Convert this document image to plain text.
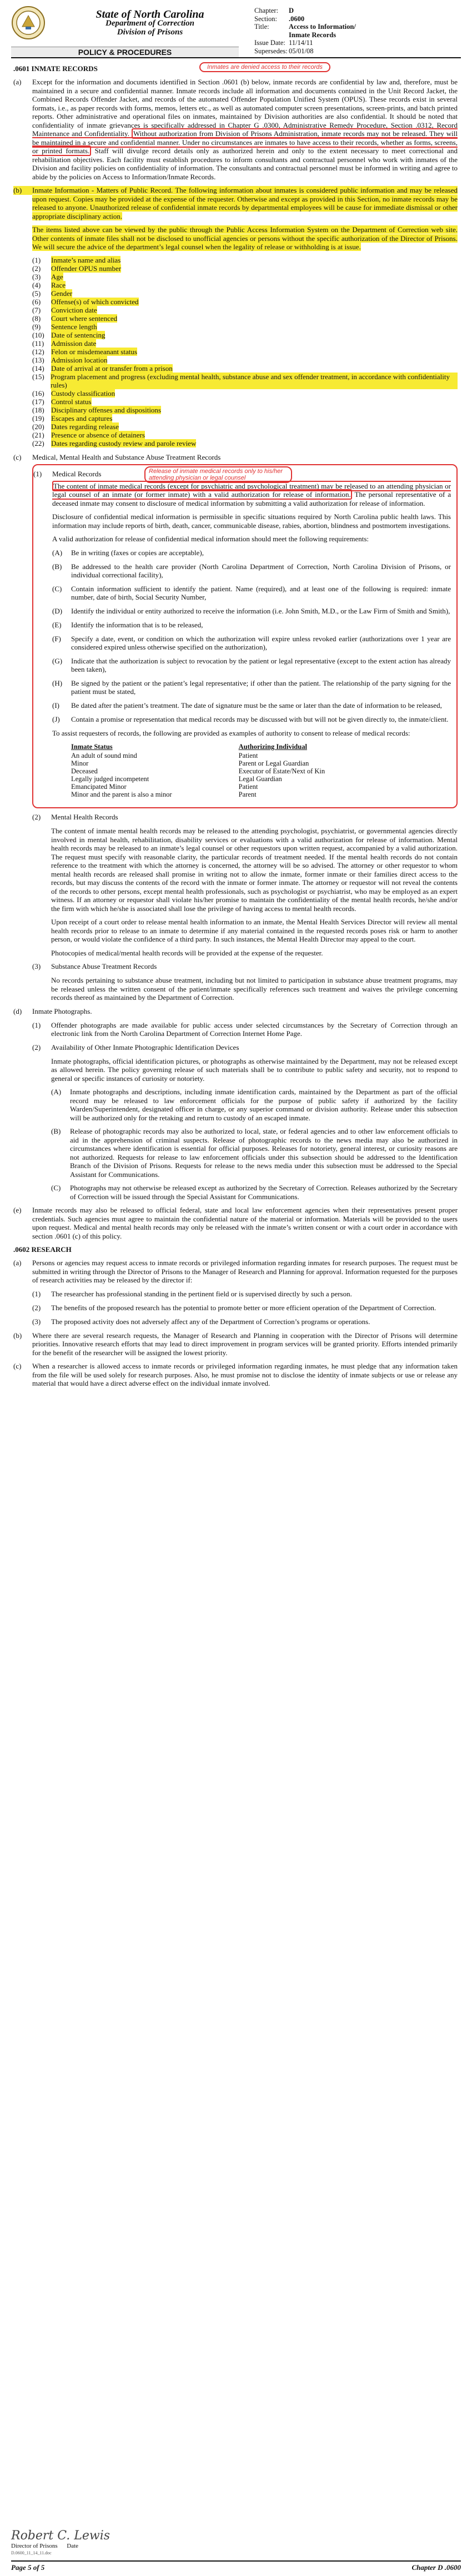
State of North Carolina
Department of Correction
Division of Prisons
POLICY & PROCEDURES
Chapter:	D
Section:	.0600
Title:	Access to Information/
Inmate Records
Issue Date: 11/14/11
Supersedes: 05/01/08
.0601 INMATE RECORDS	Inmates are denied access to their records
(a)	Except for the information and documents identified in Section .0601 (b) below, inmate records are confidential by law and, therefore, must be maintained in a secure and confidential manner. Inmate records include all information and documents contained in the Unit Record Jacket, the Combined Records Offender Jacket, and records of the automated Offender Population Unified System (OPUS). These records exist in several formats, i.e., as paper records with forms, memos, letters etc., as well as automated computer screen presentations, screen-prints, and batch printed reports. Other administrative and operational files on inmates, maintained by Division authorities are also confidential. It should be noted that confidentiality of inmate grievances is specifically addressed in Chapter G .0300, Administrative Remedy Procedure, Section .0312, Record Maintenance and Confidentiality. Without authorization from Division of Prisons Administration, inmate records may not be released. They will be maintained in a secure and confidential manner. Under no circumstances are inmates to have access to their records, whether as forms, screens, or printed formats. Staff will divulge record details only as authorized herein and only to the extent necessary to meet correctional and rehabilitation objectives. Each facility must establish procedures to inform consultants and contractual personnel who work with inmates of the Division and facility policies on confidentiality of information. The consultants and contractual personnel must be informed in writing and agree to abide by the policies on Access to Information/Inmate Records.
(b)	Inmate Information - Matters of Public Record. The following information about inmates is considered public information and may be released upon request. Copies may be provided at the expense of the requester. Otherwise and except as provided in this Section, no inmate records may be released to anyone. Unauthorized release of confidential inmate records by departmental employees will be cause for immediate dismissal or other appropriate disciplinary action.

The items listed above can be viewed by the public through the Public Access Information System on the Department of Correction web site. Other contents of inmate files shall not be disclosed to unofficial agencies or persons without the specific authorization of the Director of Prisons. We will secure the advice of the department’s legal counsel when the legality of release or withholding is at issue.

(1)	Inmate’s name and alias
(2)	Offender OPUS number
(3)	Age
(4)	Race
(5)	Gender
(6)	Offense(s) of which convicted
(7)	Conviction date
(8)	Court where sentenced
(9)	Sentence length
(10) Date of sentencing
(11) Admission date
(12) Felon or misdemeanant status
(13) Admission location
(14) Date of arrival at or transfer from a prison
(15) Program placement and progress (excluding mental health, substance abuse and sex offender treatment, in accordance with confidentiality rules)
(16) Custody classification
(17) Control status
(18) Disciplinary offenses and dispositions
(19) Escapes and captures
(20) Dates regarding release
(21) Presence or absence of detainers
(22) Dates regarding custody review and parole review
(c)	Medical, Mental Health and Substance Abuse Treatment Records
(1)	Medical Records	Release of inmate medical records only to his/her attending physician or legal counsel

The content of inmate medical records (except for psychiatric and psychological treatment) may be released to an attending physician or legal counsel of an inmate (or former inmate) with a valid authorization for release of information. The personal representative of a deceased inmate may consent to disclosure of medical information by submitting a valid authorization for release of information.

Disclosure of confidential medical information is permissible in specific situations required by North Carolina public health laws. This information may include reports of birth, death, cancer, communicable disease, rabies, abortion, blindness and postmortem investigations.

A valid authorization for release of confidential medical information should meet the following requirements:

(A)	Be in writing (faxes or copies are acceptable),
(B)	Be addressed to the health care provider (North Carolina Department of Correction, North Carolina Division of Prisons, or individual correctional facility),
(C)	Contain information sufficient to identify the patient. Name (required), and at least one of the following is required: inmate number, date of birth, Social Security Number,
(D)	Identify the individual or entity authorized to receive the information (i.e. John Smith, M.D., or the Law Firm of Smith and Smith),
(E)	Identify the information that is to be released,
(F)	Specify a date, event, or condition on which the authorization will expire unless revoked earlier (authorizations over 1 year are considered expired unless otherwise specified on the authorization),
(G)	Indicate that the authorization is subject to revocation by the patient or legal representative (except to the extent action has already been taken),
(H)	Be signed by the patient or the patient’s legal representative; if other than the patient. The relationship of the party signing for the patient must be stated,
(I)	Be dated after the patient’s treatment. The date of signature must be the same or later than the date of information to be released,
(J)	Contain a promise or representation that medical records may be discussed with but will not be given directly to, the inmate/client.

To assist requesters of records, the following are provided as examples of authority to consent to release of medical records:

Inmate Status	Authorizing Individual
An adult of sound mind	Patient
Minor	Parent or Legal Guardian
Deceased	Executor of Estate/Next of Kin
Legally judged incompetent	Legal Guardian
Emancipated Minor	Patient
Minor and the parent is also a minor	Parent
(2)	Mental Health Records

The content of inmate mental health records may be released to the attending psychologist, psychiatrist, or governmental agencies directly involved in mental health, rehabilitation, disability services or evaluations with a valid authorization for release of information. Mental health records may be released to an inmate’s legal counsel or other requestors upon written request, accompanied by a valid authorization. The request must specify with reasonable clarity, the particular records of treatment needed. If the mental health records do not contain reference to the treatment with which the attorney is concerned, the attorney will be so advised. The attorney or other requestor to whom mental health records are released shall promise in writing not to allow the inmate, former inmate or their families direct access to the records, but may discuss the contents of the record with the inmate or former inmate. The attorney or requestor will not reveal the contents of the records to other persons, except mental health professionals, such as psychologist or psychiatrist, who may be employed as an expert witness. If an attorney or requestor shall violate his/her promise to maintain the confidentiality of the mental health records, he/she and/or the firm with which he/she is associated shall lose the privilege of having access to mental health records.

Upon receipt of a court order to release mental health information to an inmate, the Mental Health Services Director will review all mental health records prior to release to an inmate to determine if any material contained in the requested records poses risk or harm to another person, or would violate the confidence of a third party. In such instances, the Mental Health Director may appeal to the court.

Photocopies of medical/mental health records will be provided at the expense of the requester.

(3)	Substance Abuse Treatment Records

No records pertaining to substance abuse treatment, including but not limited to participation in substance abuse treatment programs, may be released unless the written consent of the patient/inmate specifically references such treatment and waives the privilege concerning records thereof as maintained by the Department of Correction.

(d)	Inmate Photographs.
(1)	Offender photographs are made available for public access under selected circumstances by the Secretary of Correction through an electronic link from the North Carolina Department of Correction Internet Home Page.
(2)	Availability of Other Inmate Photographic Identification Devices

Inmate photographs, official identification pictures, or photographs as otherwise maintained by the Department, may not be released except as allowed herein. The policy governing release of such materials shall be to contribute to public safety and security, not to respond to general or specific instances of curiosity or notoriety.

(A)	Inmate photographs and descriptions, including inmate identification cards, maintained by the Department as part of the official record may be released to law enforcement officials for the purpose of public safety if authorized by the facility Warden/Superintendent, designated officer in charge, or any superior command or division authority. Release under this subsection will be authorized only for the retaking and return to custody of an escaped inmate.
(B)	Release of photographic records may also be authorized to local, state, or federal agencies and to other law enforcement officials to aid in the apprehension of criminal suspects. Release of photographic records to the news media may also be authorized in circumstances where identification is essential for official purposes. Releases for notoriety, general interest, or curiosity reasons are not authorized. Requests for release to law enforcement officials under this subsection should be addressed to the Identification Branch of the Division of Prisons. Requests for release to the news media under this subsection must be addressed to the Special Assistant for Communications.
(C)	Photographs may not otherwise be released except as authorized by the Secretary of Correction. Releases authorized by the Secretary of Correction will be issued through the Special Assistant for Communications.
(e)	Inmate records may also be released to official federal, state and local law enforcement agencies when their representatives present proper credentials. Such agencies must agree to maintain the confidential nature of the material or information. Materials will be provided to the users upon request. Medical and mental health records may only be released with the inmate’s written consent or with a court order in accordance with section .0601 (c) of this policy.
.0602 RESEARCH
(a)	Persons or agencies may request access to inmate records or privileged information regarding inmates for research purposes. The request must be submitted in writing through the Director of Prisons to the Manager of Research and Planning for approval. Information requested for the purposes of research activities may be released by the director if:
(1)	The researcher has professional standing in the pertinent field or is supervised directly by such a person.
(2)	The benefits of the proposed research has the potential to promote better or more efficient operation of the Department of Correction.
(3)	The proposed activity does not adversely affect any of the Department of Correction’s programs or operations.
(b)	Where there are several research requests, the Manager of Research and Planning in cooperation with the Director of Prisons will determine priorities. Innovative research efforts that may lead to direct improvement in program services will be granted priority. Efforts intended primarily for the benefit of the researcher will be assigned the lowest priority.
(c)	When a researcher is allowed access to inmate records or privileged information regarding inmates, he must pledge that any information taken from the file will be used solely for research purposes. Also, he must promise not to disclose the identity of inmate subjects or use or release any material that would have a direct adverse effect on the individual inmate involved.
Robert C. Lewis
Director of Prisons Date
D.0600_11_14_11.doc
Page 5 of 5	Chapter D .0600
